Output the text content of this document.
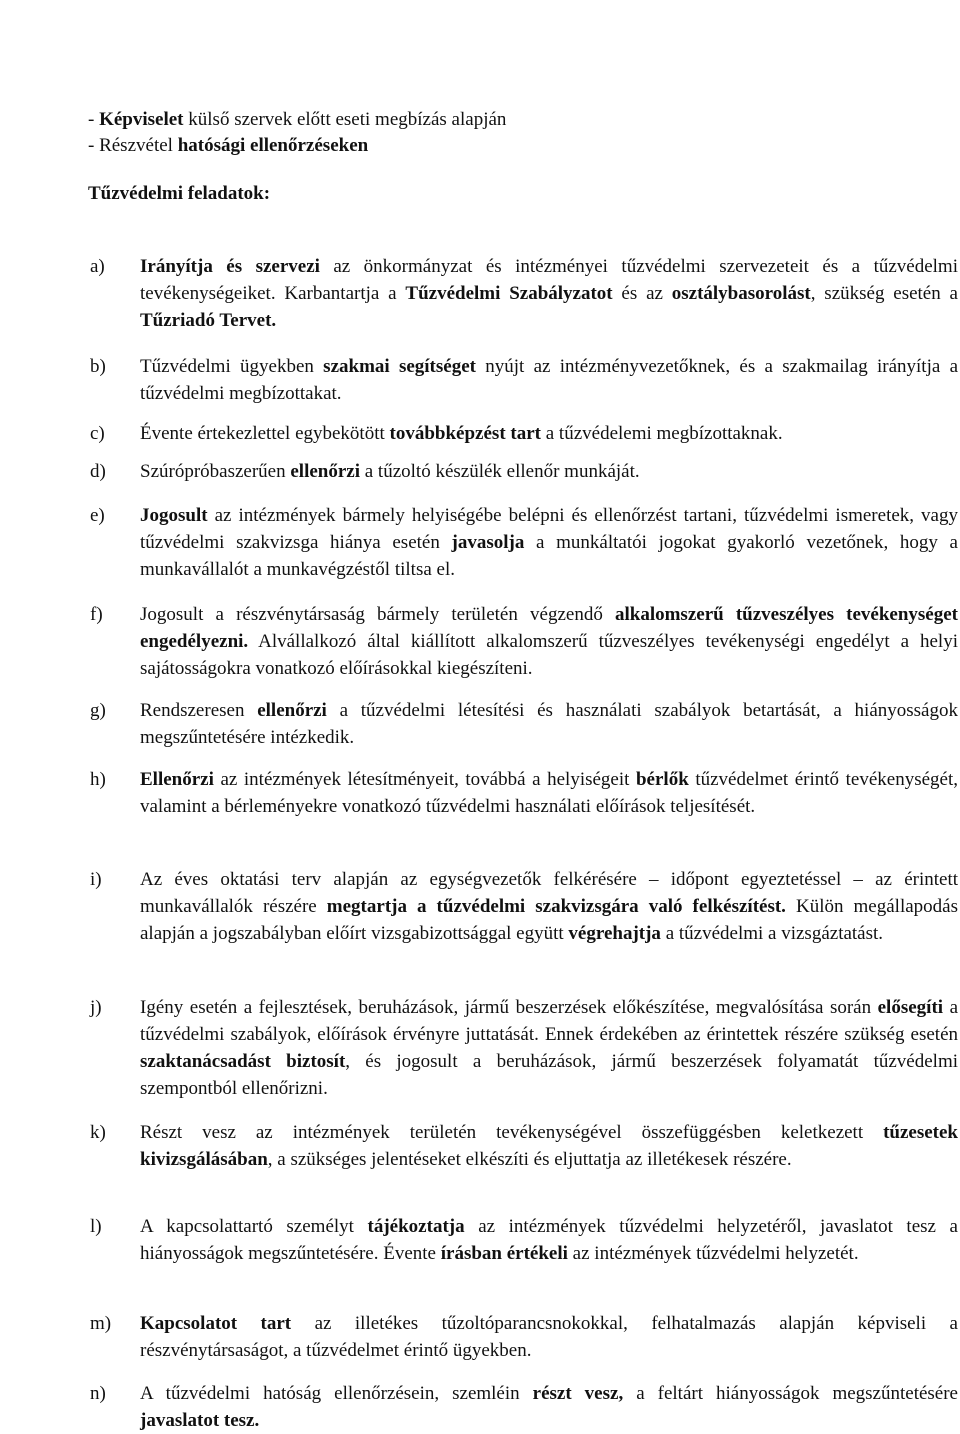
- Képviselet külső szervek előtt eseti megbízás alapján
- Részvétel hatósági ellenőrzéseken
Tűzvédelmi feladatok:
a) Irányítja és szervezi az önkormányzat és intézményei tűzvédelmi szervezeteit és a tűzvédelmi tevékenységeiket. Karbantartja a Tűzvédelmi Szabályzatot és az osztálybasorolást, szükség esetén a Tűzriadó Tervet.
b) Tűzvédelmi ügyekben szakmai segítséget nyújt az intézményvezetőknek, és a szakmailag irányítja a tűzvédelmi megbízottakat.
c) Évente értekezlettel egybekötött továbbképzést tart a tűzvédelemi megbízottaknak.
d) Szúrópróbaszerűen ellenőrzi a tűzoltó készülék ellenőr munkáját.
e) Jogosult az intézmények bármely helyiségébe belépni és ellenőrzést tartani, tűzvédelmi ismeretek, vagy tűzvédelmi szakvizsga hiánya esetén javasolja a munkáltatói jogokat gyakorló vezetőnek, hogy a munkavállalót a munkavégzéstől tiltsa el.
f) Jogosult a részvénytársaság bármely területén végzendő alkalomszerű tűzveszélyes tevékenységet engedélyezni. Alvállalkozó által kiállított alkalomszerű tűzveszélyes tevékenységi engedélyt a helyi sajátosságokra vonatkozó előírásokkal kiegészíteni.
g) Rendszeresen ellenőrzi a tűzvédelmi létesítési és használati szabályok betartását, a hiányosságok megszűntetésére intézkedik.
h) Ellenőrzi az intézmények létesítményeit, továbbá a helyiségeit bérlők tűzvédelmet érintő tevékenységét, valamint a bérleményekre vonatkozó tűzvédelmi használati előírások teljesítését.
i) Az éves oktatási terv alapján az egységvezetők felkérésére – időpont egyeztetéssel – az érintett munkavállalók részére megtartja a tűzvédelmi szakvizsgára való felkészítést. Külön megállapodás alapján a jogszabályban előírt vizsgabizottsággal együtt végrehajtja a tűzvédelmi a vizsgáztatást.
j) Igény esetén a fejlesztések, beruházások, jármű beszerzések előkészítése, megvalósítása során elősegíti a tűzvédelmi szabályok, előírások érvényre juttatását. Ennek érdekében az érintettek részére szükség esetén szaktanácsadást biztosít, és jogosult a beruházások, jármű beszerzések folyamatát tűzvédelmi szempontból ellenőrizni.
k) Részt vesz az intézmények területén tevékenységével összefüggésben keletkezett tűzesetek kivizsgálásában, a szükséges jelentéseket elkészíti és eljuttatja az illetékesek részére.
l) A kapcsolattartó személyt tájékoztatja az intézmények tűzvédelmi helyzetéről, javaslatot tesz a hiányosságok megszűntetésére. Évente írásban értékeli az intézmények tűzvédelmi helyzetét.
m) Kapcsolatot tart az illetékes tűzoltóparancsnokokkal, felhatalmazás alapján képviseli a részvénytársaságot, a tűzvédelmet érintő ügyekben.
n) A tűzvédelmi hatóság ellenőrzésein, szemléin részt vesz, a feltárt hiányosságok megszűntetésére javaslatot tesz.
